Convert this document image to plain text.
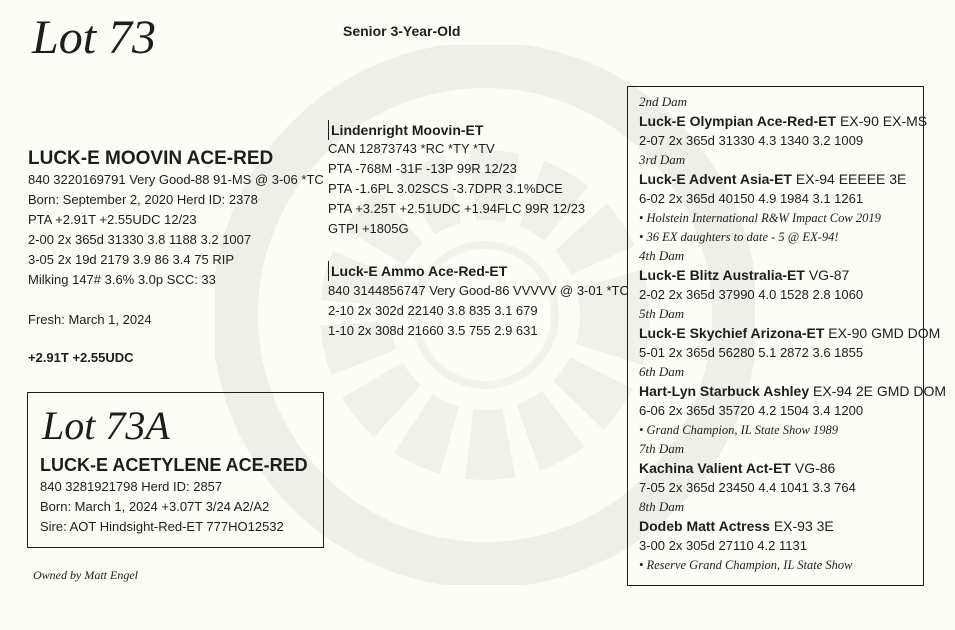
Lot 73	Senior 3-Year-Old
LUCK-E MOOVIN ACE-RED
840 3220169791 Very Good-88 91-MS @ 3-06 *TC
Born: September 2, 2020 Herd ID: 2378
PTA +2.91T +2.55UDC 12/23
2-00 2x 365d 31330 3.8 1188 3.2 1007
3-05 2x 19d 2179 3.9 86 3.4 75 RIP
Milking 147# 3.6% 3.0p SCC: 33
Fresh: March 1, 2024
+2.91T +2.55UDC
Lot 73A
LUCK-E ACETYLENE ACE-RED
840 3281921798 Herd ID: 2857
Born: March 1, 2024 +3.07T 3/24 A2/A2
Sire: AOT Hindsight-Red-ET 777HO12532
Owned by Matt Engel
Lindenright Moovin-ET
CAN 12873743 *RC *TY *TV
PTA -768M -31F -13P 99R 12/23
PTA -1.6PL 3.02SCS -3.7DPR 3.1%DCE
PTA +3.25T +2.51UDC +1.94FLC 99R 12/23
GTPI +1805G
Luck-E Ammo Ace-Red-ET
840 3144856747 Very Good-86 VVVVV @ 3-01 *TC
2-10 2x 302d 22140 3.8 835 3.1 679
1-10 2x 308d 21660 3.5 755 2.9 631
2nd Dam
Luck-E Olympian Ace-Red-ET EX-90 EX-MS
2-07 2x 365d 31330 4.3 1340 3.2 1009
3rd Dam
Luck-E Advent Asia-ET EX-94 EEEEE 3E
6-02 2x 365d 40150 4.9 1984 3.1 1261
• Holstein International R&W Impact Cow 2019
• 36 EX daughters to date - 5 @ EX-94!
4th Dam
Luck-E Blitz Australia-ET VG-87
2-02 2x 365d 37990 4.0 1528 2.8 1060
5th Dam
Luck-E Skychief Arizona-ET EX-90 GMD DOM
5-01 2x 365d 56280 5.1 2872 3.6 1855
6th Dam
Hart-Lyn Starbuck Ashley EX-94 2E GMD DOM
6-06 2x 365d 35720 4.2 1504 3.4 1200
• Grand Champion, IL State Show 1989
7th Dam
Kachina Valient Act-ET VG-86
7-05 2x 365d 23450 4.4 1041 3.3 764
8th Dam
Dodeb Matt Actress EX-93 3E
3-00 2x 305d 27110 4.2 1131
• Reserve Grand Champion, IL State Show
